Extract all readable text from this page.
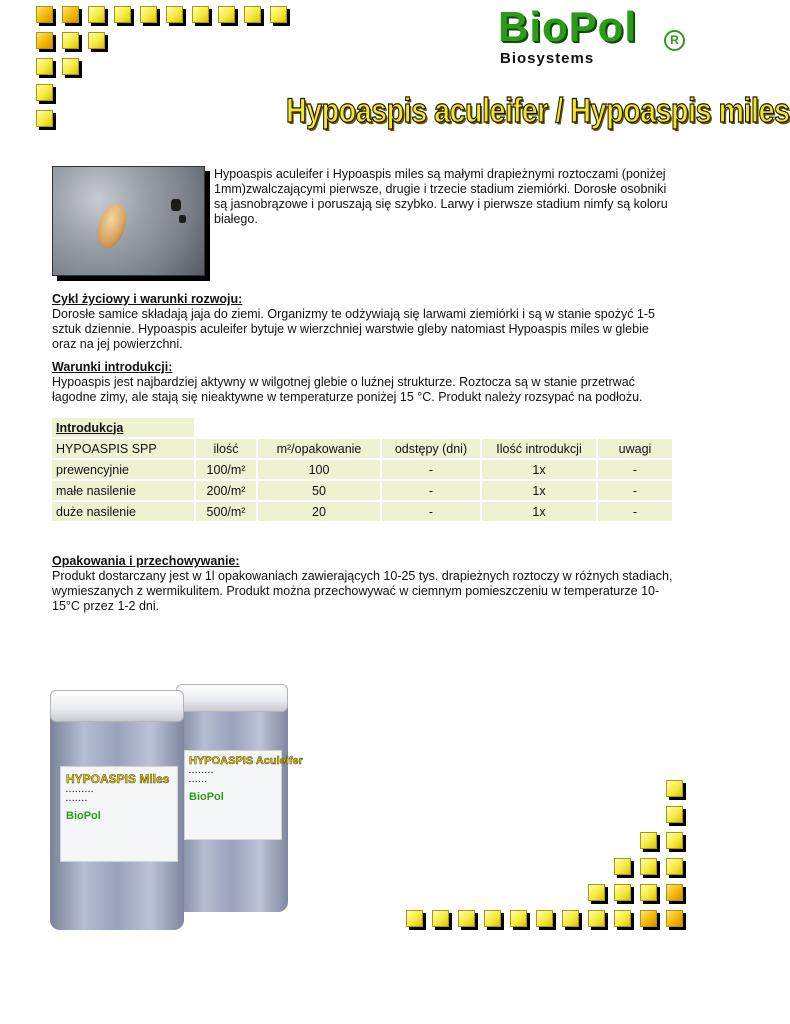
BioPol	R
Biosystems
Hypoaspis aculeifer / Hypoaspis miles
Hypoaspis aculeifer i Hypoaspis miles są małymi drapieżnymi roztoczami (poniżej 1mm)zwalczającymi pierwsze, drugie i trzecie stadium ziemiórki. Dorosłe osobniki są jasnobrązowe i poruszają się szybko. Larwy i pierwsze stadium nimfy są koloru białego.
Cykl życiowy i warunki rozwoju:
Dorosłe samice składają jaja do ziemi. Organizmy te odżywiają się larwami ziemiórki i są w stanie spożyć 1-5 sztuk dziennie. Hypoaspis aculeifer bytuje w wierzchniej warstwie gleby natomiast Hypoaspis miles w glebie oraz na jej powierzchni.
Warunki introdukcji:
Hypoaspis jest najbardziej aktywny w wilgotnej glebie o luźnej strukturze. Roztocza są w stanie przetrwać łagodne zimy, ale stają się nieaktywne w temperaturze poniżej 15 °C. Produkt należy rozsypać na podłożu.
Introdukcja					
HYPOASPIS SPP	ilość	m²/opakowanie	odstępy (dni)	Ilość introdukcji	uwagi
prewencyjnie	100/m²	100	-	1x	-
małe nasilenie	200/m²	50	-	1x	-
duże nasilenie	500/m²	20	-	1x	-
Opakowania i przechowywanie:
Produkt dostarczany jest w 1l opakowaniach zawierających 10-25 tys. drapieżnych roztoczy w różnych stadiach, wymieszanych z wermikulitem. Produkt można przechowywać w ciemnym pomieszczeniu w temperaturze 10-15°C przez 1-2 dni.
HYPOASPIS Aculeifer
▪ ▪ ▪ ▪ ▪ ▪ ▪ ▪
▪ ▪ ▪ ▪ ▪ ▪
BioPol
HYPOASPIS Miles
▪ ▪ ▪ ▪ ▪ ▪ ▪ ▪ ▪
▪ ▪ ▪ ▪ ▪ ▪ ▪
BioPol
